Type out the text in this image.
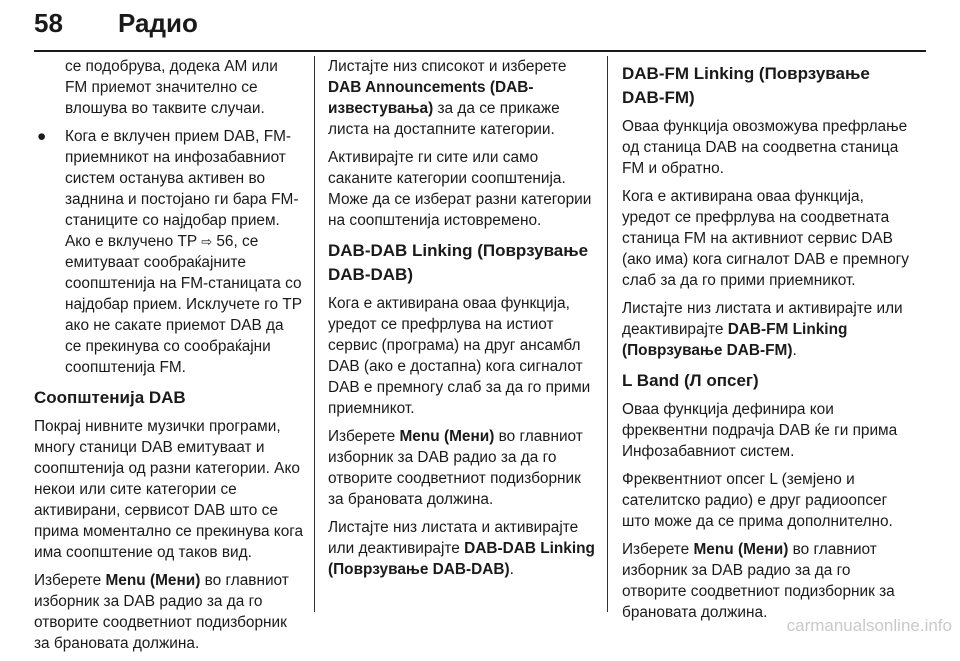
58 Радио

се подобрува, додека AM или FM приемот значително се влошува во таквите случаи.

● Кога е вклучен прием DAB, FM-приемникот на инфозабавниот систем останува активен во заднина и постојано ги бара FM-станиците со најдобар прием. Ако е вклучено TP ⇨ 56, се емитуваат сообраќајните соопштенија на FM-станицата со најдобар прием. Исклучете го TP ако не сакате приемот DAB да се прекинува со сообраќајни соопштенија FM.

Соопштенија DAB

Покрај нивните музички програми, многу станици DAB емитуваат и соопштенија од разни категории. Ако некои или сите категории се активирани, сервисот DAB што се прима моментално се прекинува кога има соопштение од таков вид.

Изберете Menu (Мени) во главниот изборник за DAB радио за да го отворите соодветниот подизборник за брановата должина.

Листајте низ списокот и изберете DAB Announcements (DAB-известувања) за да се прикаже листа на достапните категории.

Активирајте ги сите или само саканите категории соопштенија. Може да се изберат разни категории на соопштенија истовремено.

DAB-DAB Linking (Поврзување DAB-DAB)

Кога е активирана оваа функција, уредот се префрлува на истиот сервис (програма) на друг ансамбл DAB (ако е достапна) кога сигналот DAB е премногу слаб за да го прими приемникот.

Изберете Menu (Мени) во главниот изборник за DAB радио за да го отворите соодветниот подизборник за брановата должина.

Листајте низ листата и активирајте или деактивирајте DAB-DAB Linking (Поврзување DAB-DAB).

DAB-FM Linking (Поврзување DAB-FM)

Оваа функција овозможува префрлање од станица DAB на соодветна станица FM и обратно.

Кога е активирана оваа функција, уредот се префрлува на соодветната станица FM на активниот сервис DAB (ако има) кога сигналот DAB е премногу слаб за да го прими приемникот.

Листајте низ листата и активирајте или деактивирајте DAB-FM Linking (Поврзување DAB-FM).

L Band (Л опсег)

Оваа функција дефинира кои фреквентни подрачја DAB ќе ги прима Инфозабавниот систем.

Фреквентниот опсег L (земјено и сателитско радио) е друг радиоопсег што може да се прима дополнително.

Изберете Menu (Мени) во главниот изборник за DAB радио за да го отворите соодветниот подизборник за брановата должина.

carmanualsonline.info
